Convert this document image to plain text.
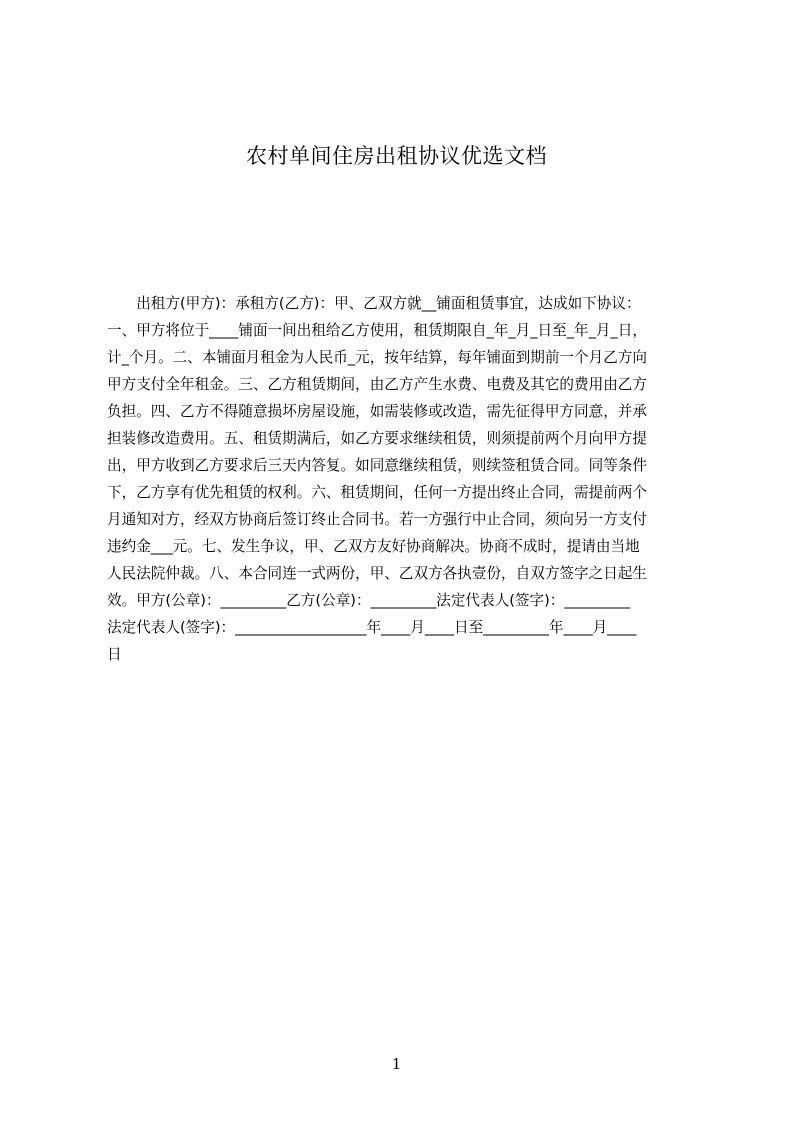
农村单间住房出租协议优选文档
　　出租方(甲方)：承租方(乙方)：甲、乙双方就__铺面租赁事宜，达成如下协议：
一、甲方将位于____铺面一间出租给乙方使用，租赁期限自_年_月_日至_年_月_日，
计_个月。二、本铺面月租金为人民币_元，按年结算，每年铺面到期前一个月乙方向
甲方支付全年租金。三、乙方租赁期间，由乙方产生水费、电费及其它的费用由乙方
负担。四、乙方不得随意损坏房屋设施，如需装修或改造，需先征得甲方同意，并承
担装修改造费用。五、租赁期满后，如乙方要求继续租赁，则须提前两个月向甲方提
出，甲方收到乙方要求后三天内答复。如同意继续租赁，则续签租赁合同。同等条件
下，乙方享有优先租赁的权利。六、租赁期间，任何一方提出终止合同，需提前两个
月通知对方，经双方协商后签订终止合同书。若一方强行中止合同，须向另一方支付
违约金___元。七、发生争议，甲、乙双方友好协商解决。协商不成时，提请由当地
人民法院仲裁。八、本合同连一式两份，甲、乙双方各执壹份，自双方签字之日起生
效。甲方(公章)：_________乙方(公章)：_________法定代表人(签字)：_________
法定代表人(签字)：__________________年____月____日至_________年____月____
日
1
